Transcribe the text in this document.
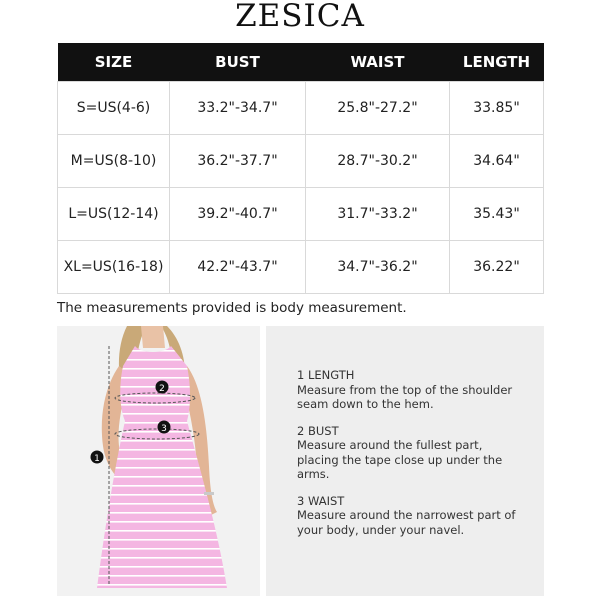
ZESICA
SIZE	BUST	WAIST	LENGTH
S=US(4-6)	33.2"-34.7"	25.8"-27.2"	33.85"
M=US(8-10)	36.2"-37.7"	28.7"-30.2"	34.64"
L=US(12-14)	39.2"-40.7"	31.7"-33.2"	35.43"
XL=US(16-18)	42.2"-43.7"	34.7"-36.2"	36.22"
The measurements provided is body measurement.
1
2
3
1 LENGTH
Measure from the top of the shoulder seam down to the hem.
2 BUST
Measure around the fullest part, placing the tape close up under the arms.
3 WAIST
Measure around the narrowest part of your body, under your navel.
